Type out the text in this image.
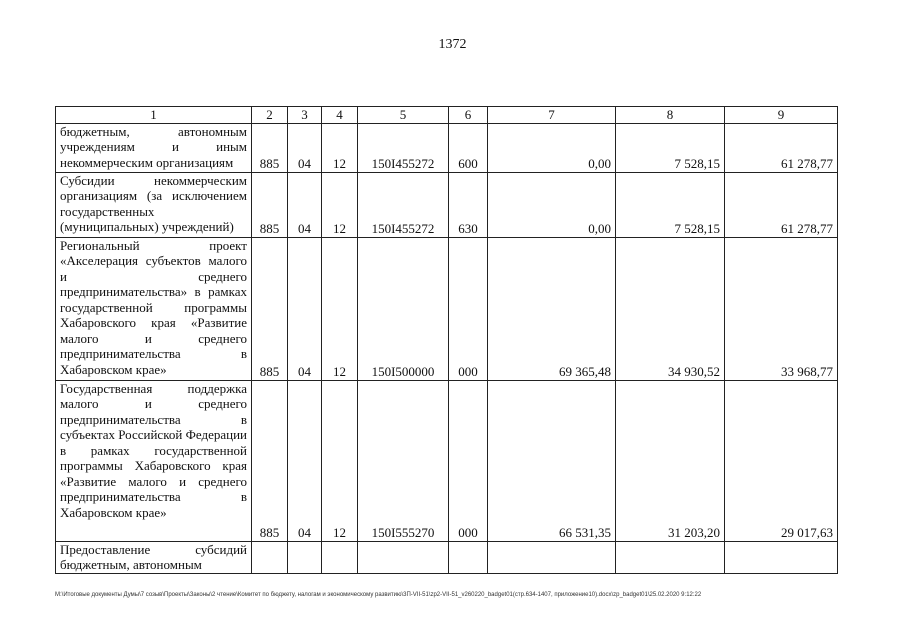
1372
1	2	3	4	5	6	7	8	9
бюджетным, автономным учреждениям и иным некоммерческим организациям	885	04	12	150I455272	600	0,00	7 528,15	61 278,77
Субсидии некоммерческим организациям (за исключением государственных (муниципальных) учреждений)	885	04	12	150I455272	630	0,00	7 528,15	61 278,77
Региональный проект «Акселерация субъектов малого и среднего предпринимательства» в рамках государственной программы Хабаровского края «Развитие малого и среднего предпринимательства в Хабаровском крае»	885	04	12	150I500000	000	69 365,48	34 930,52	33 968,77
Государственная поддержка малого и среднего предпринимательства в субъектах Российской Федерации в рамках государственной программы Хабаровского края «Развитие малого и среднего предпринимательства в Хабаровском крае»	885	04	12	150I555270	000	66 531,35	31 203,20	29 017,63
Предоставление субсидий бюджетным, автономным								
M:\Итоговые документы Думы\7 созыв\Проекты\Законы\2 чтение\Комитет по бюджету, налогам и экономическому развитию\3П-VII-51\zp2-VII-51_v260220_badget01(стр.634-1407, приложение10).docx\zp_badget01\25.02.2020 9:12:22
